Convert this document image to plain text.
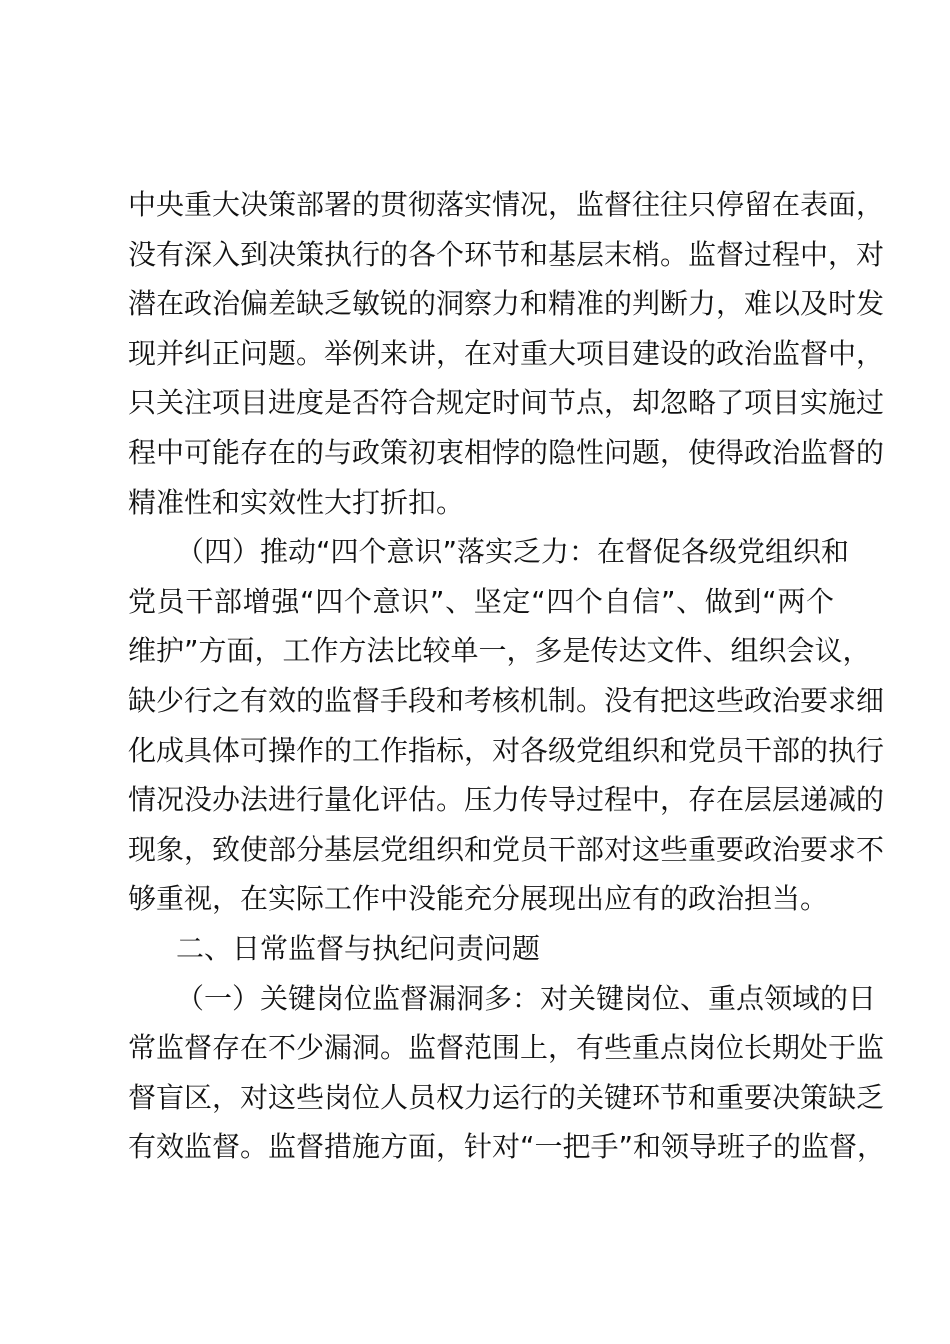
中央重大决策部署的贯彻落实情况，监督往往只停留在表面，
没有深入到决策执行的各个环节和基层末梢。监督过程中，对
潜在政治偏差缺乏敏锐的洞察力和精准的判断力，难以及时发
现并纠正问题。举例来讲，在对重大项目建设的政治监督中，
只关注项目进度是否符合规定时间节点，却忽略了项目实施过
程中可能存在的与政策初衷相悖的隐性问题，使得政治监督的
精准性和实效性大打折扣。
（四）推动“四个意识”落实乏力：在督促各级党组织和
党员干部增强“四个意识”、坚定“四个自信”、做到“两个
维护”方面，工作方法比较单一，多是传达文件、组织会议，
缺少行之有效的监督手段和考核机制。没有把这些政治要求细
化成具体可操作的工作指标，对各级党组织和党员干部的执行
情况没办法进行量化评估。压力传导过程中，存在层层递减的
现象，致使部分基层党组织和党员干部对这些重要政治要求不
够重视，在实际工作中没能充分展现出应有的政治担当。
二、日常监督与执纪问责问题
（一）关键岗位监督漏洞多：对关键岗位、重点领域的日
常监督存在不少漏洞。监督范围上，有些重点岗位长期处于监
督盲区，对这些岗位人员权力运行的关键环节和重要决策缺乏
有效监督。监督措施方面，针对“一把手”和领导班子的监督，
